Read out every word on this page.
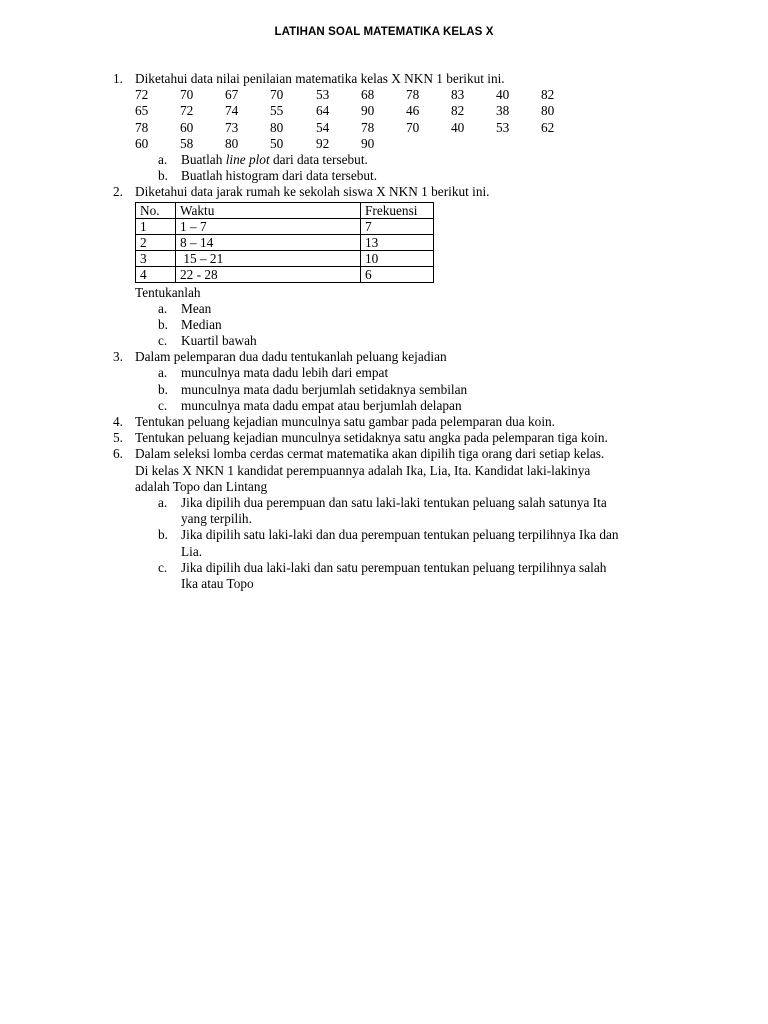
LATIHAN SOAL MATEMATIKA KELAS X
1. Diketahui data nilai penilaian matematika kelas X NKN 1 berikut ini.
72 70 67 70 53 68 78 83 40 82
65 72 74 55 64 90 46 82 38 80
78 60 73 80 54 78 70 40 53 62
60 58 80 50 92 90
a. Buatlah line plot dari data tersebut.
b. Buatlah histogram dari data tersebut.
2. Diketahui data jarak rumah ke sekolah siswa X NKN 1 berikut ini.
No.	Waktu	Frekuensi
1	1 – 7	7
2	8 – 14	13
3	15 – 21	10
4	22 - 28	6
Tentukanlah
a. Mean
b. Median
c. Kuartil bawah
3. Dalam pelemparan dua dadu tentukanlah peluang kejadian
a. munculnya mata dadu lebih dari empat
b. munculnya mata dadu berjumlah setidaknya sembilan
c. munculnya mata dadu empat atau berjumlah delapan
4. Tentukan peluang kejadian munculnya satu gambar pada pelemparan dua koin.
5. Tentukan peluang kejadian munculnya setidaknya satu angka pada pelemparan tiga koin.
6. Dalam seleksi lomba cerdas cermat matematika akan dipilih tiga orang dari setiap kelas.
Di kelas X NKN 1 kandidat perempuannya adalah Ika, Lia, Ita. Kandidat laki-lakinya
adalah Topo dan Lintang
a. Jika dipilih dua perempuan dan satu laki-laki tentukan peluang salah satunya Ita
yang terpilih.
b. Jika dipilih satu laki-laki dan dua perempuan tentukan peluang terpilihnya Ika dan
Lia.
c. Jika dipilih dua laki-laki dan satu perempuan tentukan peluang terpilihnya salah
Ika atau Topo
